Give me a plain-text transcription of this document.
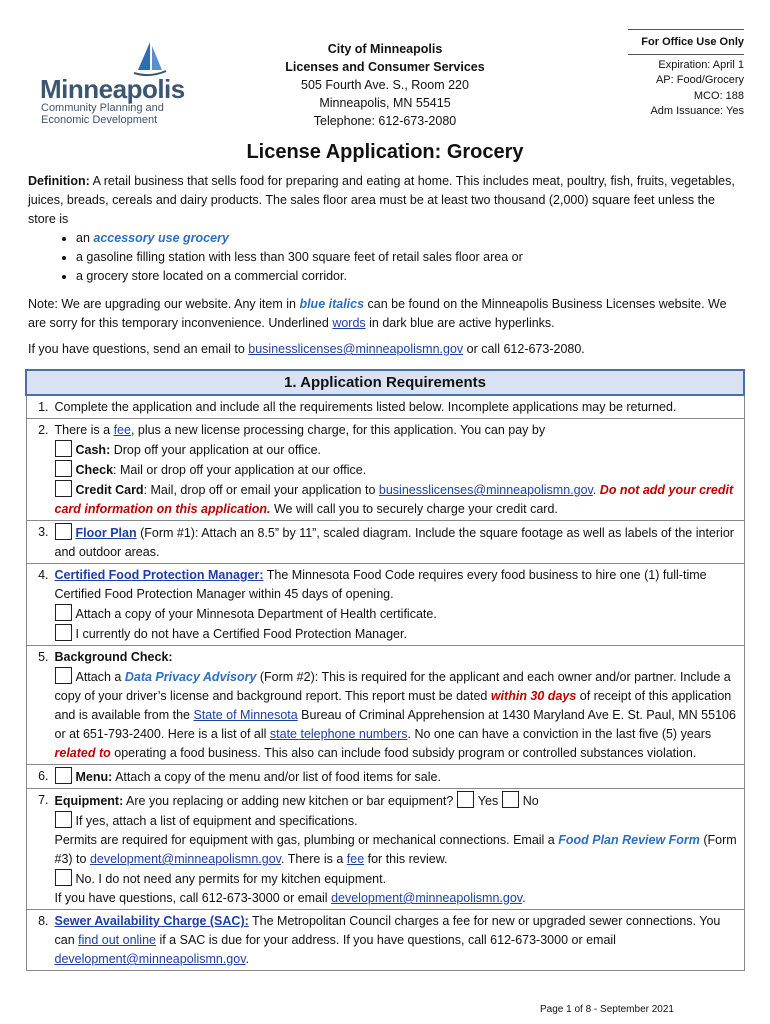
Minneapolis
Community Planning and
Economic Development
City of Minneapolis
Licenses and Consumer Services
505 Fourth Ave. S., Room 220
Minneapolis, MN 55415
Telephone: 612-673-2080
For Office Use Only
Expiration: April 1
AP: Food/Grocery
MCO: 188
Adm Issuance: Yes
License Application: Grocery
Definition: A retail business that sells food for preparing and eating at home. This includes meat, poultry, fish, fruits, vegetables, juices, breads, cereals and dairy products. The sales floor area must be at least two thousand (2,000) square feet unless the store is
• an accessory use grocery
• a gasoline filling station with less than 300 square feet of retail sales floor area or
• a grocery store located on a commercial corridor.
Note: We are upgrading our website. Any item in blue italics can be found on the Minneapolis Business Licenses website. We are sorry for this temporary inconvenience. Underlined words in dark blue are active hyperlinks.
If you have questions, send an email to businesslicenses@minneapolismn.gov or call 612-673-2080.
1. Application Requirements	
1.	Complete the application and include all the requirements listed below. Incomplete applications may be returned.
2.	There is a fee, plus a new license processing charge, for this application. You can pay by
Cash: Drop off your application at our office.
Check: Mail or drop off your application at our office.
Credit Card: Mail, drop off or email your application to businesslicenses@minneapolismn.gov. Do not add your credit card information on this application. We will call you to securely charge your credit card.
3.	Floor Plan (Form #1): Attach an 8.5” by 11”, scaled diagram. Include the square footage as well as labels of the interior and outdoor areas.
4.	Certified Food Protection Manager: The Minnesota Food Code requires every food business to hire one (1) full-time Certified Food Protection Manager within 45 days of opening.
Attach a copy of your Minnesota Department of Health certificate.
I currently do not have a Certified Food Protection Manager.
5.	Background Check:
Attach a Data Privacy Advisory (Form #2): This is required for the applicant and each owner and/or partner. Include a copy of your driver’s license and background report. This report must be dated within 30 days of receipt of this application and is available from the State of Minnesota Bureau of Criminal Apprehension at 1430 Maryland Ave E. St. Paul, MN 55106 or at 651-793-2400. Here is a list of all state telephone numbers. No one can have a conviction in the last five (5) years related to operating a food business. This also can include food subsidy program or controlled substances violation.
6.	Menu: Attach a copy of the menu and/or list of food items for sale.
7.	Equipment: Are you replacing or adding new kitchen or bar equipment? Yes No
If yes, attach a list of equipment and specifications.
Permits are required for equipment with gas, plumbing or mechanical connections. Email a Food Plan Review Form (Form #3) to development@minneapolismn.gov. There is a fee for this review.
No. I do not need any permits for my kitchen equipment.
If you have questions, call 612-673-3000 or email development@minneapolismn.gov.
8.	Sewer Availability Charge (SAC): The Metropolitan Council charges a fee for new or upgraded sewer connections. You can find out online if a SAC is due for your address. If you have questions, call 612-673-3000 or email development@minneapolismn.gov.
Page 1 of 8 - September 2021
